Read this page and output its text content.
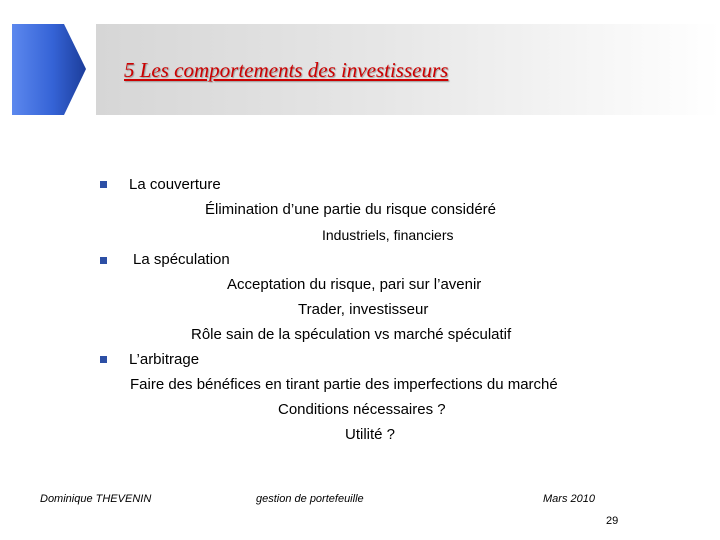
5 Les comportements des investisseurs
La couverture
Élimination d’une partie du risque considéré
Industriels, financiers
La spéculation
Acceptation du risque, pari sur l’avenir
Trader, investisseur
Rôle sain de la spéculation vs marché spéculatif
L’arbitrage
Faire des bénéfices en tirant partie des imperfections du marché
Conditions nécessaires ?
Utilité ?
Dominique THEVENIN	gestion de portefeuille	Mars 2010
29
